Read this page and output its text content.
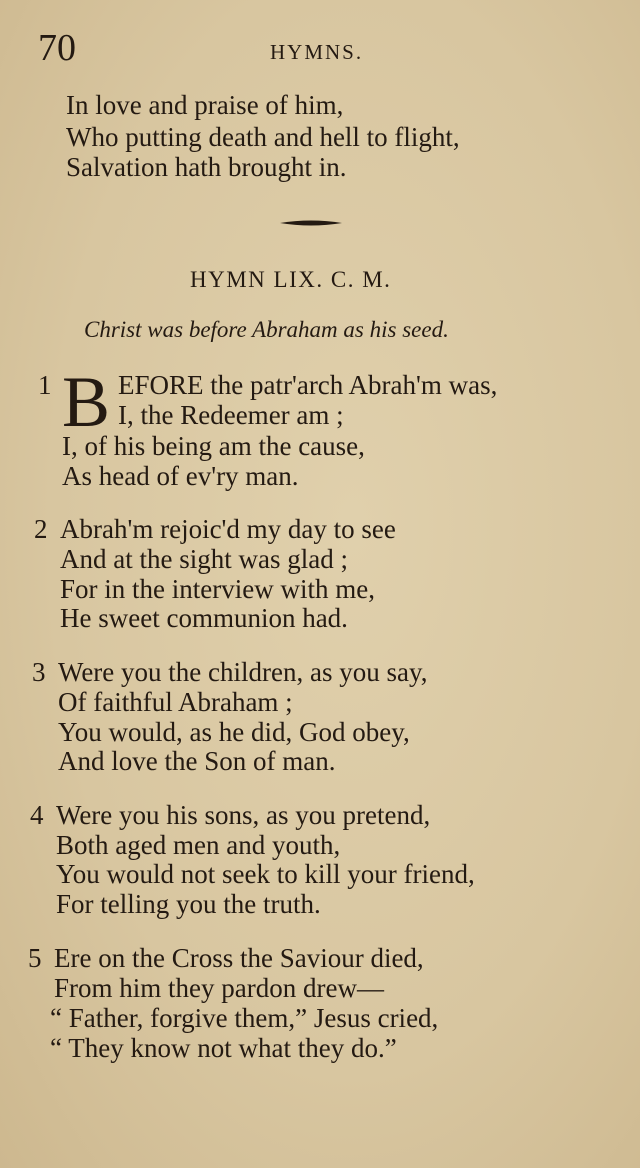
70	HYMNS.
In love and praise of him,
Who putting death and hell to flight,
Salvation hath brought in.
HYMN LIX. C. M.
Christ was before Abraham as his seed.
1 B EFORE the patr'arch Abrah'm was,
I, the Redeemer am ;
I, of his being am the cause,
As head of ev'ry man.
2 Abrah'm rejoic'd my day to see
And at the sight was glad ;
For in the interview with me,
He sweet communion had.
3 Were you the children, as you say,
Of faithful Abraham ;
You would, as he did, God obey,
And love the Son of man.
4 Were you his sons, as you pretend,
Both aged men and youth,
You would not seek to kill your friend,
For telling you the truth.
5 Ere on the Cross the Saviour died,
From him they pardon drew—
“ Father, forgive them,” Jesus cried,
“ They know not what they do.”
